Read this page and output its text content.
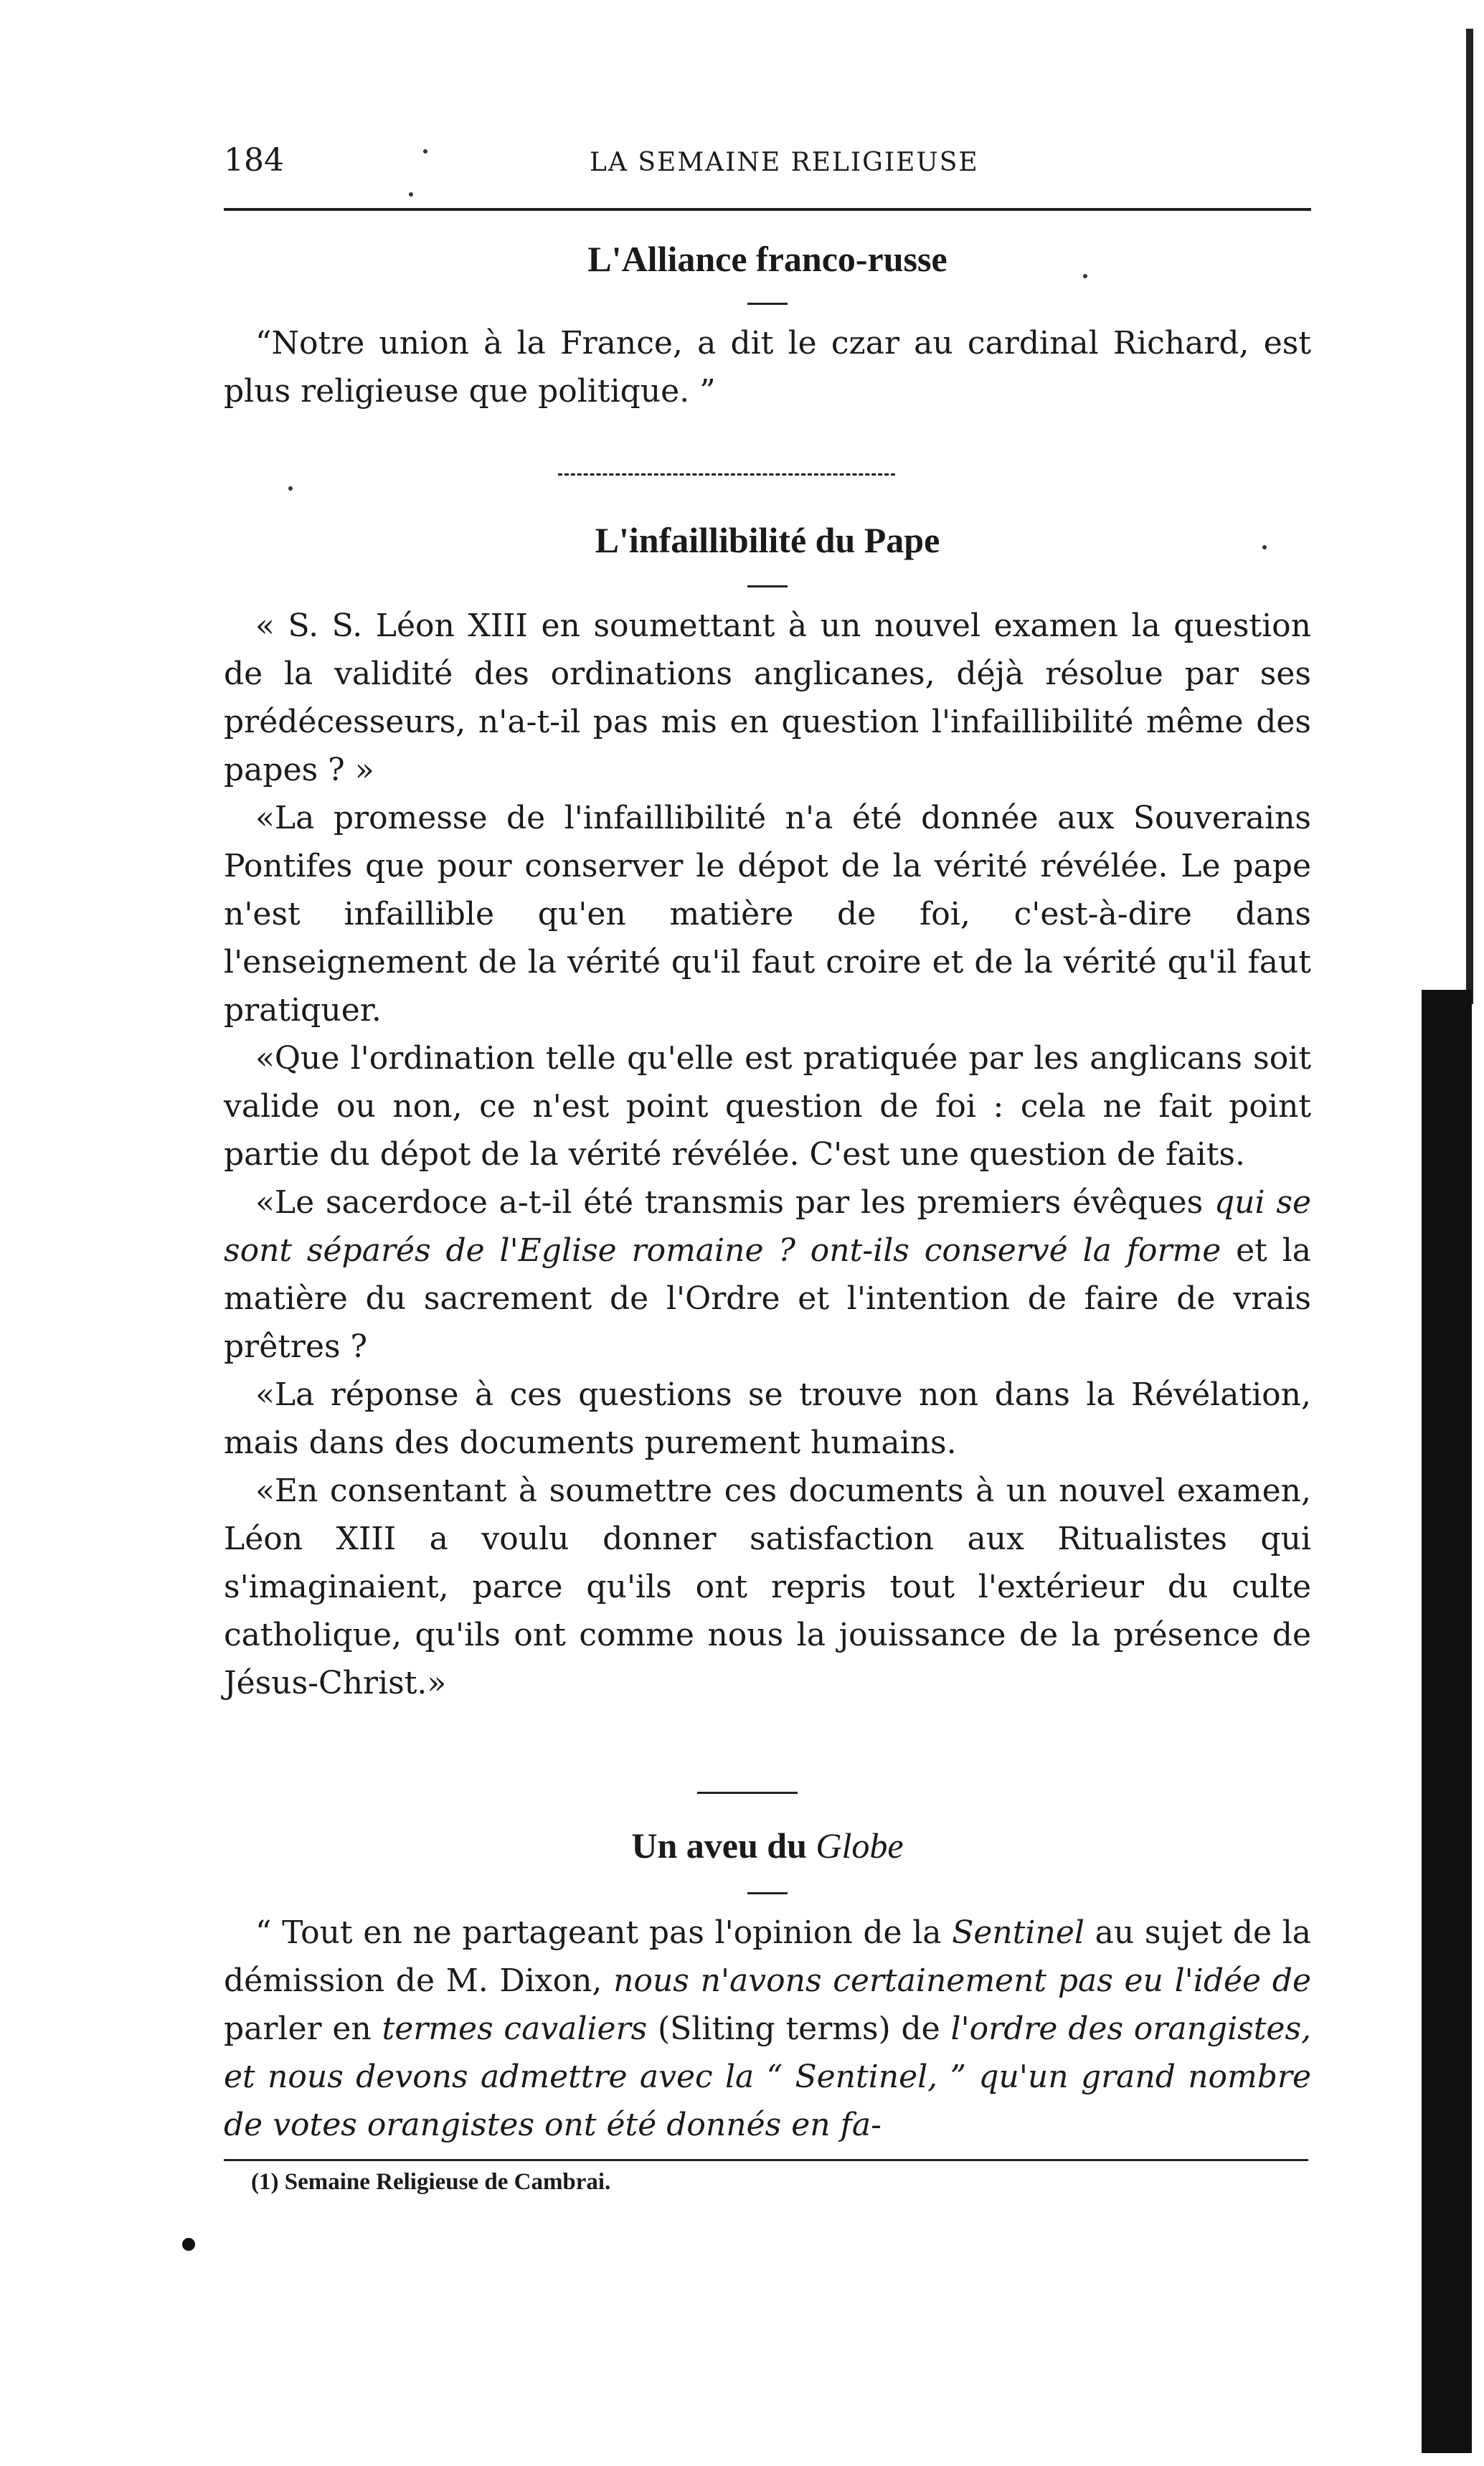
184	LA SEMAINE RELIGIEUSE
L'Alliance franco-russe

“Notre union à la France, a dit le czar au cardinal Richard, est plus religieuse que politique. ”

L'infaillibilité du Pape

« S. S. Léon XIII en soumettant à un nouvel examen la question de la validité des ordinations anglicanes, déjà résolue par ses prédécesseurs, n'a-t-il pas mis en question l'infaillibilité même des papes ? »

«La promesse de l'infaillibilité n'a été donnée aux Souverains Pontifes que pour conserver le dépot de la vérité révélée. Le pape n'est infaillible qu'en matière de foi, c'est-à-dire dans l'enseignement de la vérité qu'il faut croire et de la vérité qu'il faut pratiquer.

«Que l'ordination telle qu'elle est pratiquée par les anglicans soit valide ou non, ce n'est point question de foi : cela ne fait point partie du dépot de la vérité révélée. C'est une question de faits.

«Le sacerdoce a-t-il été transmis par les premiers évêques qui se sont séparés de l'Eglise romaine ? ont-ils conservé la forme et la matière du sacrement de l'Ordre et l'intention de faire de vrais prêtres ?

«La réponse à ces questions se trouve non dans la Révélation, mais dans des documents purement humains.

«En consentant à soumettre ces documents à un nouvel examen, Léon XIII a voulu donner satisfaction aux Ritualistes qui s'imaginaient, parce qu'ils ont repris tout l'extérieur du culte catholique, qu'ils ont comme nous la jouissance de la présence de Jésus-Christ.»

Un aveu du Globe

“ Tout en ne partageant pas l'opinion de la Sentinel au sujet de la démission de M. Dixon, nous n'avons certainement pas eu l'idée de parler en termes cavaliers (Sliting terms) de l'ordre des orangistes, et nous devons admettre avec la “ Sentinel, ” qu'un grand nombre de votes orangistes ont été donnés en fa-

(1) Semaine Religieuse de Cambrai.
